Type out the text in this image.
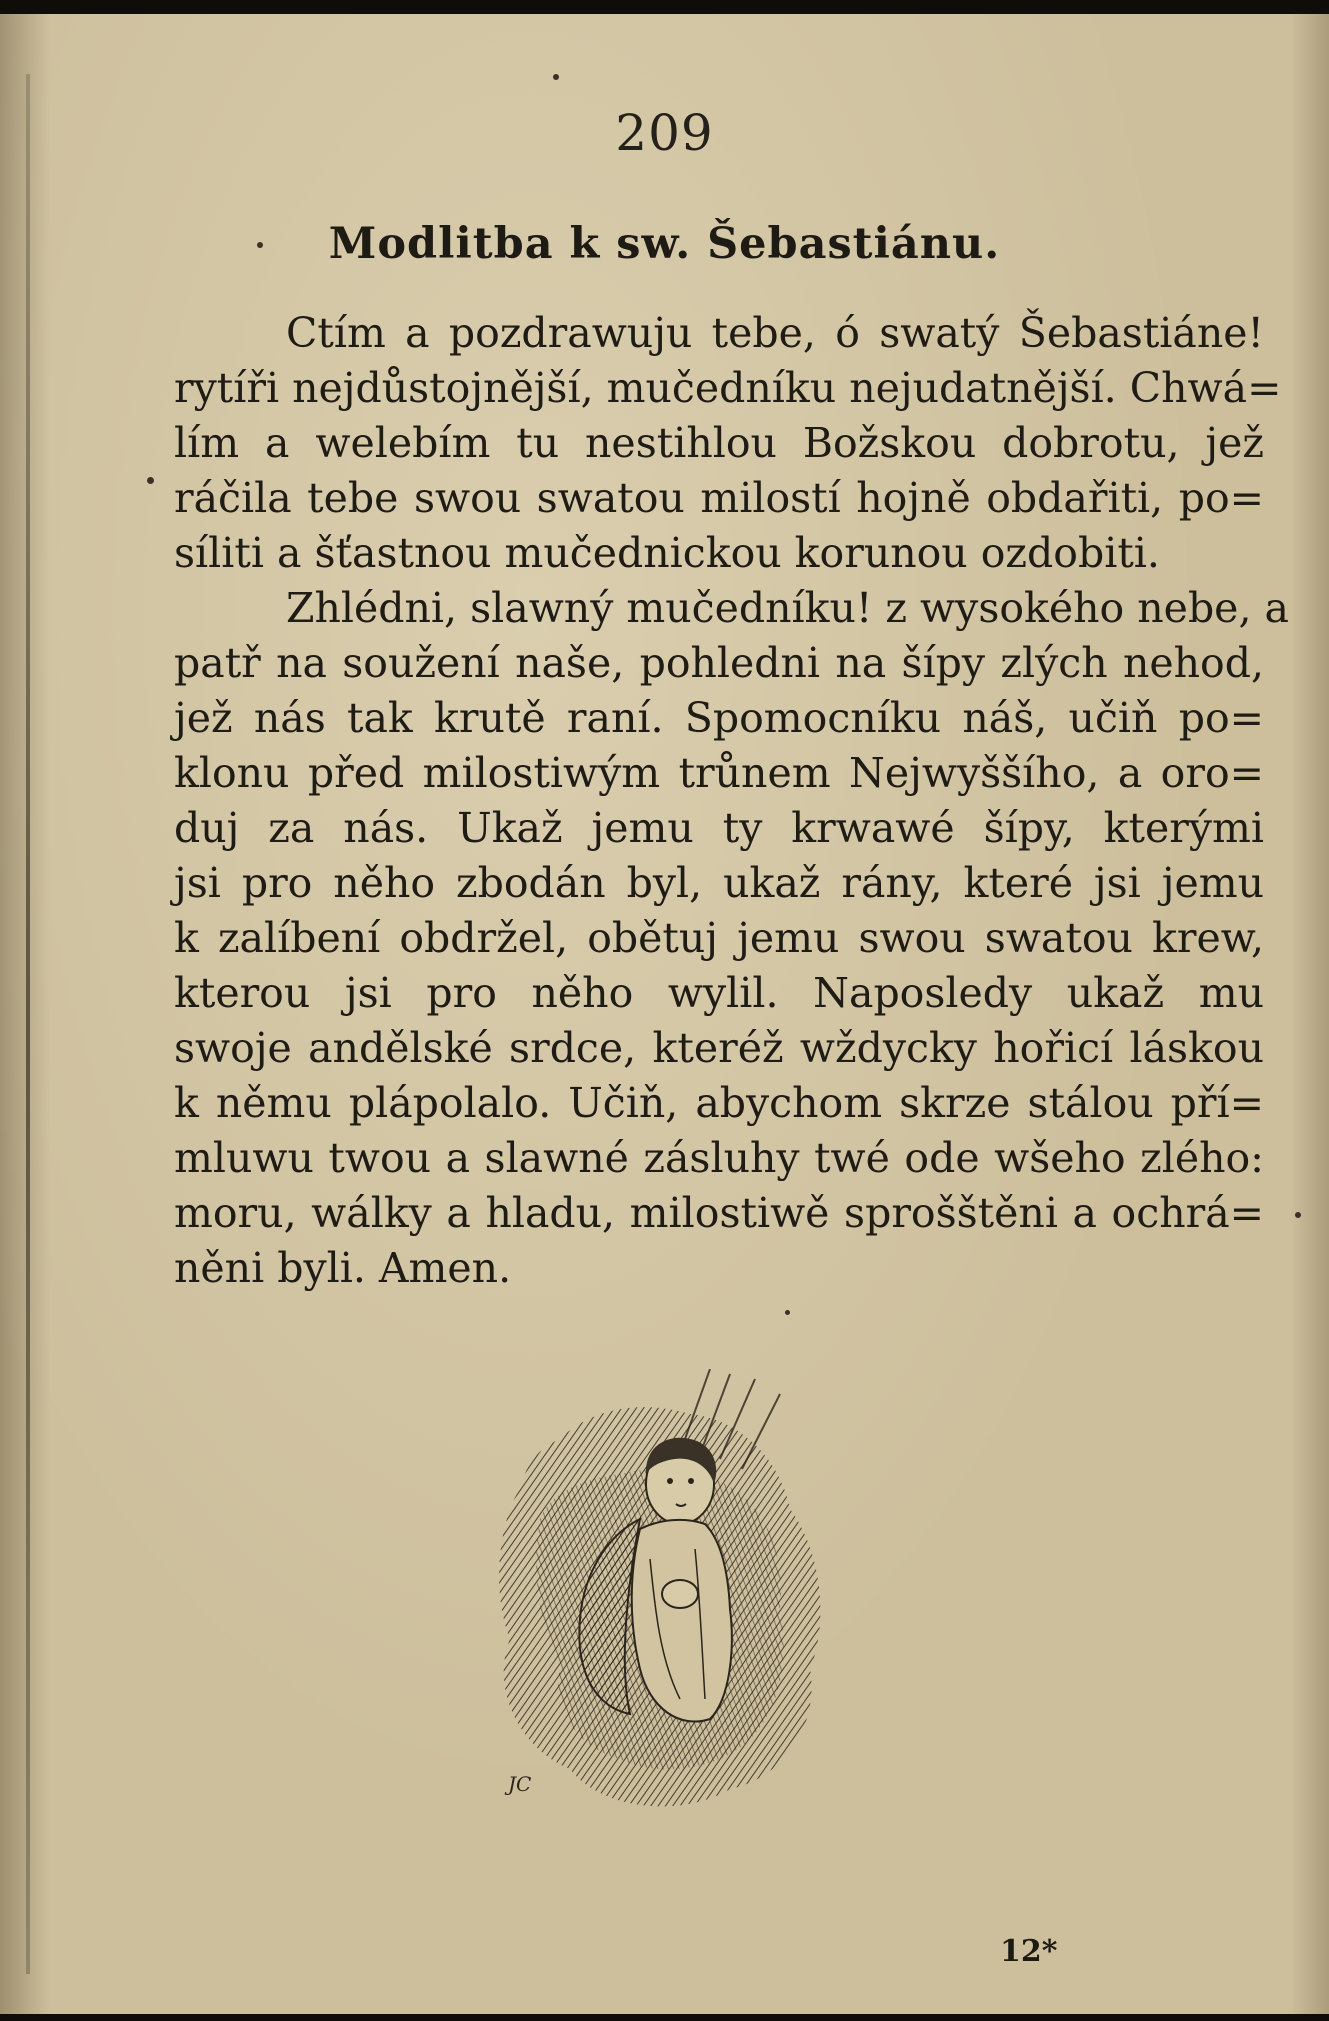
209
Modlitba k sw. Šebastiánu.
Ctím a pozdrawuju tebe, ó swatý Šebastiáne!
rytíři nejdůstojnější, mučedníku nejudatnější. Chwá=
lím a welebím tu nestihlou Božskou dobrotu, jež
ráčila tebe swou swatou milostí hojně obdařiti, po=
síliti a šťastnou mučednickou korunou ozdobiti.
Zhlédni, slawný mučedníku! z wysokého nebe, a
patř na soužení naše, pohledni na šípy zlých nehod,
jež nás tak krutě raní. Spomocníku náš, učiň po=
klonu před milostiwým trůnem Nejwyššího, a oro=
duj za nás. Ukaž jemu ty krwawé šípy, kterými
jsi pro něho zbodán byl, ukaž rány, které jsi jemu
k zalíbení obdržel, obětuj jemu swou swatou krew,
kterou jsi pro něho wylil. Naposledy ukaž mu
swoje andělské srdce, kteréž wždycky hořicí láskou
k němu plápolalo. Učiň, abychom skrze stálou pří=
mluwu twou a slawné zásluhy twé ode wšeho zlého:
moru, wálky a hladu, milostiwě sprošštěni a ochrá=
něni byli. Amen.
JC
12*
